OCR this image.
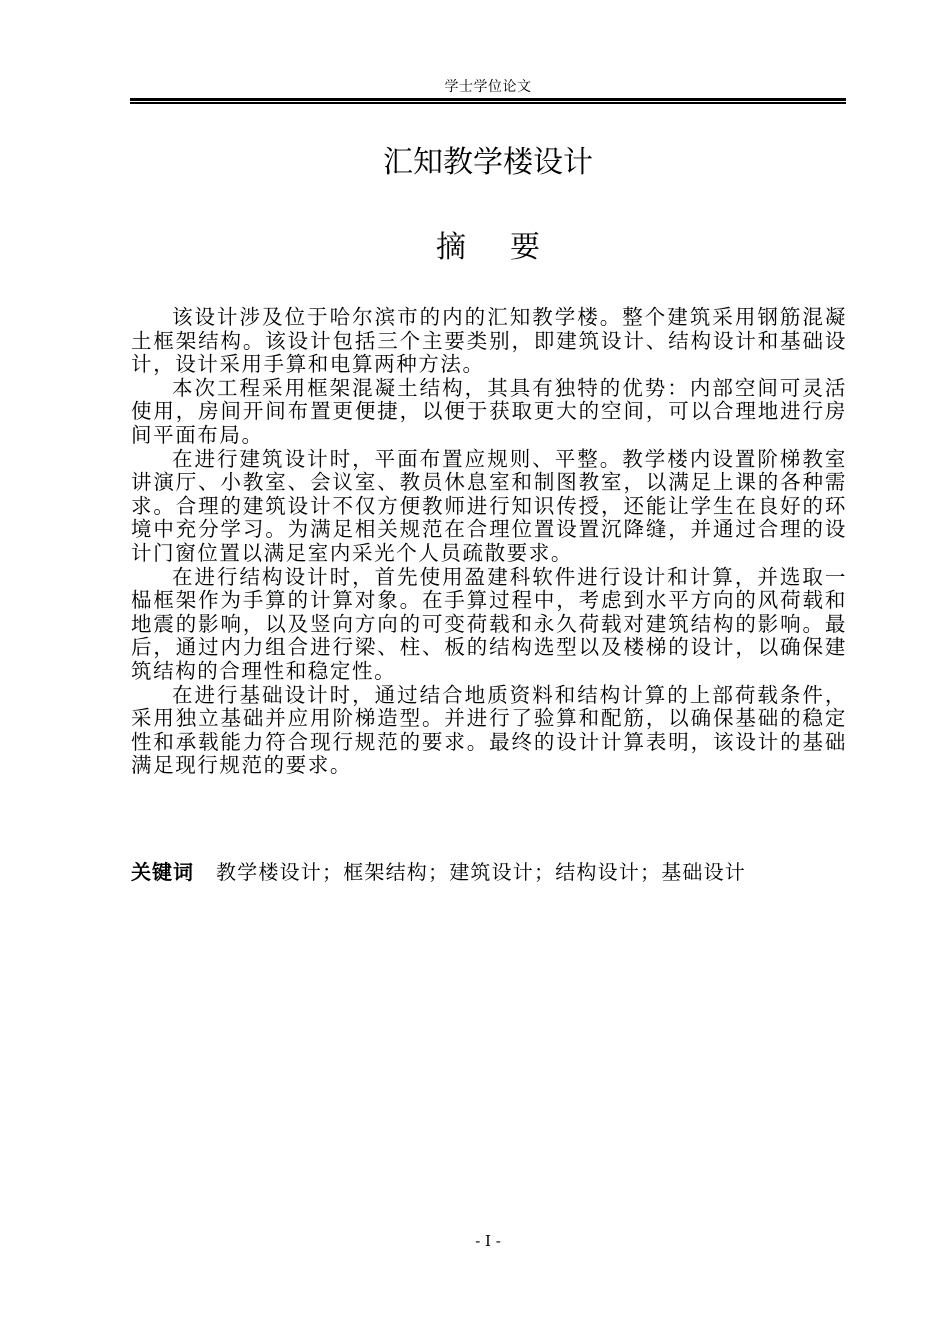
学士学位论文
汇知教学楼设计
摘 要

该设计涉及位于哈尔滨市的内的汇知教学楼。整个建筑采用钢筋混凝土框架结构。该设计包括三个主要类别，即建筑设计、结构设计和基础设计，设计采用手算和电算两种方法。

本次工程采用框架混凝土结构，其具有独特的优势：内部空间可灵活使用，房间开间布置更便捷，以便于获取更大的空间，可以合理地进行房间平面布局。

在进行建筑设计时，平面布置应规则、平整。教学楼内设置阶梯教室讲演厅、小教室、会议室、教员休息室和制图教室，以满足上课的各种需求。合理的建筑设计不仅方便教师进行知识传授，还能让学生在良好的环境中充分学习。为满足相关规范在合理位置设置沉降缝，并通过合理的设计门窗位置以满足室内采光个人员疏散要求。

在进行结构设计时，首先使用盈建科软件进行设计和计算，并选取一榀框架作为手算的计算对象。在手算过程中，考虑到水平方向的风荷载和地震的影响，以及竖向方向的可变荷载和永久荷载对建筑结构的影响。最后，通过内力组合进行梁、柱、板的结构选型以及楼梯的设计，以确保建筑结构的合理性和稳定性。

在进行基础设计时，通过结合地质资料和结构计算的上部荷载条件，采用独立基础并应用阶梯造型。并进行了验算和配筋，以确保基础的稳定性和承载能力符合现行规范的要求。最终的设计计算表明，该设计的基础满足现行规范的要求。

关键词 教学楼设计；框架结构；建筑设计；结构设计；基础设计
- I -
